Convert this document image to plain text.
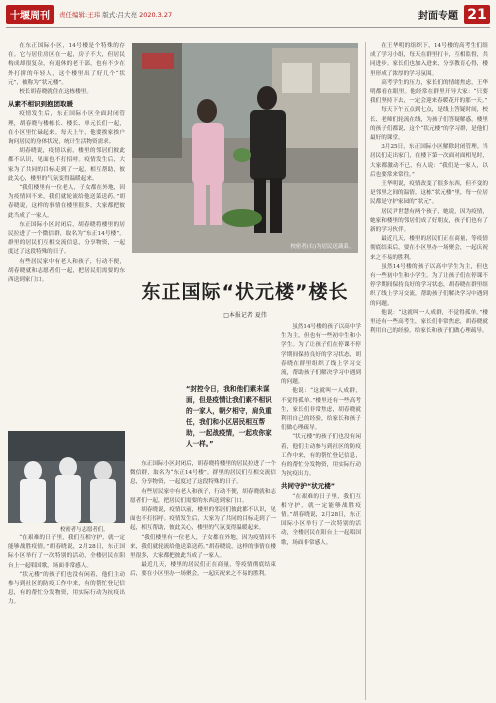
十堰周刊	责任编辑:王玮 版式:吕大亮 2020.3.27	封面专题 21

在东正国际小区，14号楼是个特殊的存在。它与居住房区在一起，房子不大，但居民构成却很复杂，有退休的老干部，也有不少在外打拼的年轻人，这个楼里出了好几个“状元”，被称为“状元楼”。

校长胡春晓就住在这栋楼里。

从素不相识到抱团取暖

疫情发生后，东正国际小区全面封闭管理，胡春晓与楼栋长、楼长、单元长们一起，在小区里忙碌起来。每天上午，他要挨家挨户询问居民的身体状况，统计生活物资需求。

胡春晓说，疫情以前，楼里的邻居们彼此都不认识，见面也不打招呼。疫情发生后，大家为了共同的目标走到了一起，相互帮助，彼此关心，楼里的气氛变得温暖起来。

“我们楼里有一位老人，子女都在外地，因为疫情回不来，我们就轮流给他送菜送药。”胡春晓说，这样的事情在楼里很多，大家都把彼此当成了一家人。

东正国际小区封闭后，胡春晓将楼里的居民拉进了一个微信群，取名为“东正14号楼”。群里的居民们互相交流信息，分享物资，一起度过了这段特殊的日子。

有些居民家中有老人和孩子，行动不便，胡春晓就和志愿者们一起，把居民们需要的东西送到家门口。

校密者(右)为居民送蔬菜。
东正国际“状元楼”楼长
□本报记者 夏伟
“封控令日，我和他们素未谋面，但是疫情让我们素不相识的一家人，朝夕相守，肩负重任，我们和小区居民相互帮助，一起战疫情，一起攻你家人一样。”
校密者与志愿者们。

“在艰难的日子里，我们互相守护，就一定能够战胜疫情。”胡春晓说，2月28日，东正国际小区举行了一次特别的活动，全楼居民在阳台上一起唱国歌，场面非常感人。

“状元楼”的孩子们也没有闲着，他们主动参与到社区的防疫工作中来，有的帮忙登记信息，有的帮忙分发物资，用实际行动为抗疫出力。

虽然14号楼的孩子以高中学生为主，但也有一些初中生和小学生。为了让孩子们在停课不停学期间保持良好的学习状态，胡春晓在群里组织了线上学习交流，帮助孩子们解决学习中遇到的问题。

他说：“这就叫一人成群，不觉得孤单。”楼里还有一些高考生，家长们非常焦虑，胡春晓就利用自己的经验，给家长和孩子们做心理疏导。

“状元楼”的孩子们也没有闲着，他们主动参与到社区的防疫工作中来，有的帮忙登记信息，有的帮忙分发物资，用实际行动为抗疫出力。

共同守护“状元楼”

“在艰难的日子里，我们互相守护，就一定能够战胜疫情。”胡春晓说，2月28日，东正国际小区举行了一次特别的活动，全楼居民在阳台上一起唱国歌，场面非常感人。

东正国际小区封闭后，胡春晓将楼里的居民拉进了一个微信群，取名为“东正14号楼”。群里的居民们互相交流信息，分享物资，一起度过了这段特殊的日子。

有些居民家中有老人和孩子，行动不便，胡春晓就和志愿者们一起，把居民们需要的东西送到家门口。

胡春晓说，疫情以前，楼里的邻居们彼此都不认识，见面也不打招呼。疫情发生后，大家为了共同的目标走到了一起，相互帮助，彼此关心，楼里的气氛变得温暖起来。

“我们楼里有一位老人，子女都在外地，因为疫情回不来，我们就轮流给他送菜送药。”胡春晓说，这样的事情在楼里很多，大家都把彼此当成了一家人。

最近几天，楼里的居民们正在商量，等疫情彻底结束后，要在小区里办一场聚会，一起庆祝来之不易的胜利。

在王华明的组织下，14号楼的高考生们组成了学习小组，每天在群里打卡，互相监督，共同进步。家长们也加入进来，分享教育心得，楼里形成了浓厚的学习氛围。

高考学生的压力，家长们的情绪焦虑，王华明都看在眼里。他经常在群里开导大家：“只要我们坚持下去，一定会迎来春暖花开的那一天。”

每天下午五点到七点，是线上答疑时间，校长、老师们轮流在线，为孩子们答疑解惑，楼里的孩子们都说，这个“状元楼”的学习群，是他们最好的课堂。

3月25日，东正国际小区解除封闭管理。当居民们走出家门，在楼下第一次面对面相见时，大家都激动不已，有人说：“我们是一家人，以后也要常来常往。”

王华明说，疫情改变了很多东西，但不变的是邻里之间的温情。这栋“状元楼”里，每一位居民都是守护家园的“状元”。

居民尹世慧有两个孩子，她说，因为疫情，她家和楼里的邻居们成了好朋友，孩子们也有了新的学习伙伴。

最近几天，楼里的居民们正在商量，等疫情彻底结束后，要在小区里办一场聚会，一起庆祝来之不易的胜利。

虽然14号楼的孩子以高中学生为主，但也有一些初中生和小学生。为了让孩子们在停课不停学期间保持良好的学习状态，胡春晓在群里组织了线上学习交流，帮助孩子们解决学习中遇到的问题。

他说：“这就叫一人成群，不觉得孤单。”楼里还有一些高考生，家长们非常焦虑，胡春晓就利用自己的经验，给家长和孩子们做心理疏导。
